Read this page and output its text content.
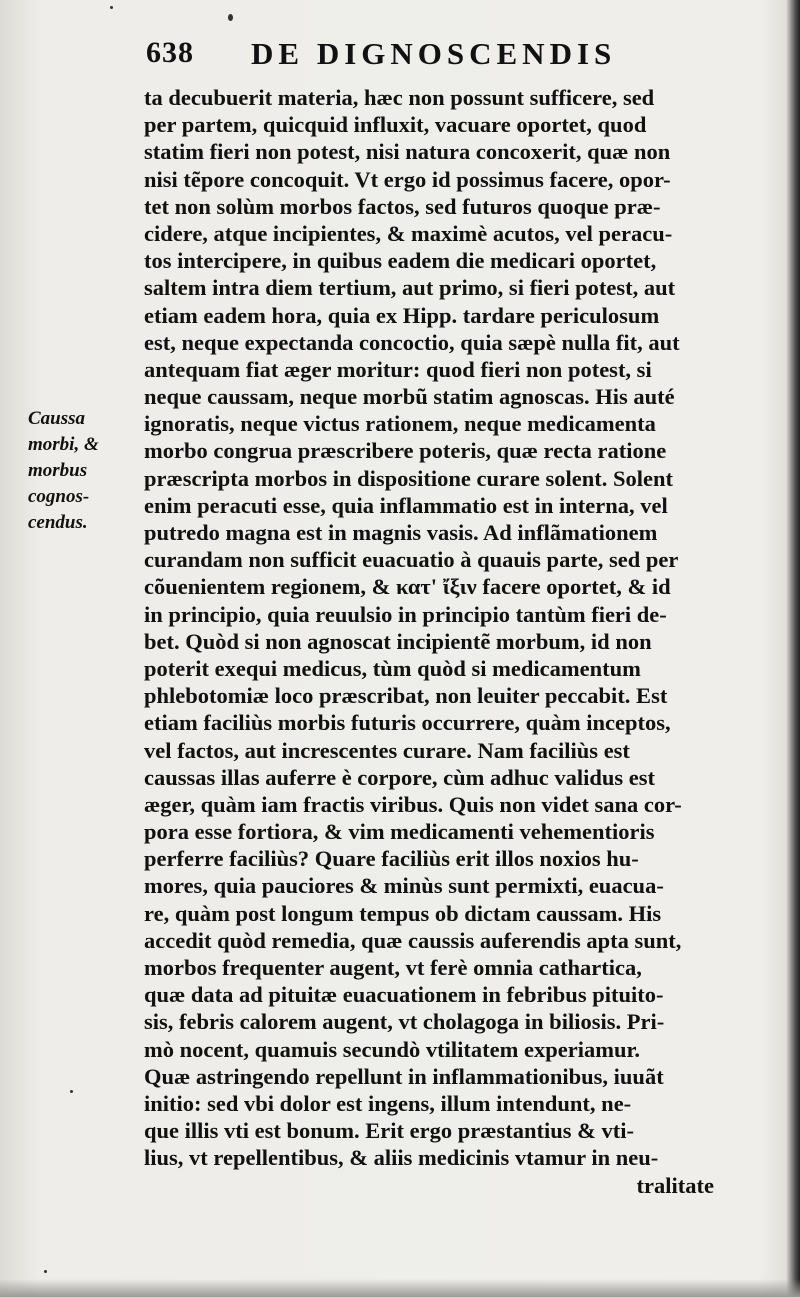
638 DE DIGNOSCENDIS
Caussa
morbi, &
morbus
cognos-
cendus.
ta decubuerit materia, hæc non possunt sufficere, sed
per partem, quicquid influxit, vacuare oportet, quod
statim fieri non potest, nisi natura concoxerit, quæ non
nisi tẽpore concoquit. Vt ergo id possimus facere, opor-
tet non solùm morbos factos, sed futuros quoque præ-
cidere, atque incipientes, & maximè acutos, vel peracu-
tos intercipere, in quibus eadem die medicari oportet,
saltem intra diem tertium, aut primo, si fieri potest, aut
etiam eadem hora, quia ex Hipp. tardare periculosum
est, neque expectanda concoctio, quia sæpè nulla fit, aut
antequam fiat æger moritur: quod fieri non potest, si
neque caussam, neque morbũ statim agnoscas. His auté
ignoratis, neque victus rationem, neque medicamenta
morbo congrua præscribere poteris, quæ recta ratione
præscripta morbos in dispositione curare solent. Solent
enim peracuti esse, quia inflammatio est in interna, vel
putredo magna est in magnis vasis. Ad inflãmationem
curandam non sufficit euacuatio à quauis parte, sed per
cõuenientem regionem, & κατ' ἴξιν facere oportet, & id
in principio, quia reuulsio in principio tantùm fieri de-
bet. Quòd si non agnoscat incipientẽ morbum, id non
poterit exequi medicus, tùm quòd si medicamentum
phlebotomiæ loco præscribat, non leuiter peccabit. Est
etiam faciliùs morbis futuris occurrere, quàm inceptos,
vel factos, aut increscentes curare. Nam faciliùs est
caussas illas auferre è corpore, cùm adhuc validus est
æger, quàm iam fractis viribus. Quis non videt sana cor-
pora esse fortiora, & vim medicamenti vehementioris
perferre faciliùs? Quare faciliùs erit illos noxios hu-
mores, quia pauciores & minùs sunt permixti, euacua-
re, quàm post longum tempus ob dictam caussam. His
accedit quòd remedia, quæ caussis auferendis apta sunt,
morbos frequenter augent, vt ferè omnia cathartica,
quæ data ad pituitæ euacuationem in febribus pituito-
sis, febris calorem augent, vt cholagoga in biliosis. Pri-
mò nocent, quamuis secundò vtilitatem experiamur.
Quæ astringendo repellunt in inflammationibus, iuuãt
initio: sed vbi dolor est ingens, illum intendunt, ne-
que illis vti est bonum. Erit ergo præstantius & vti-
lius, vt repellentibus, & aliis medicinis vtamur in neu-
tralitate
